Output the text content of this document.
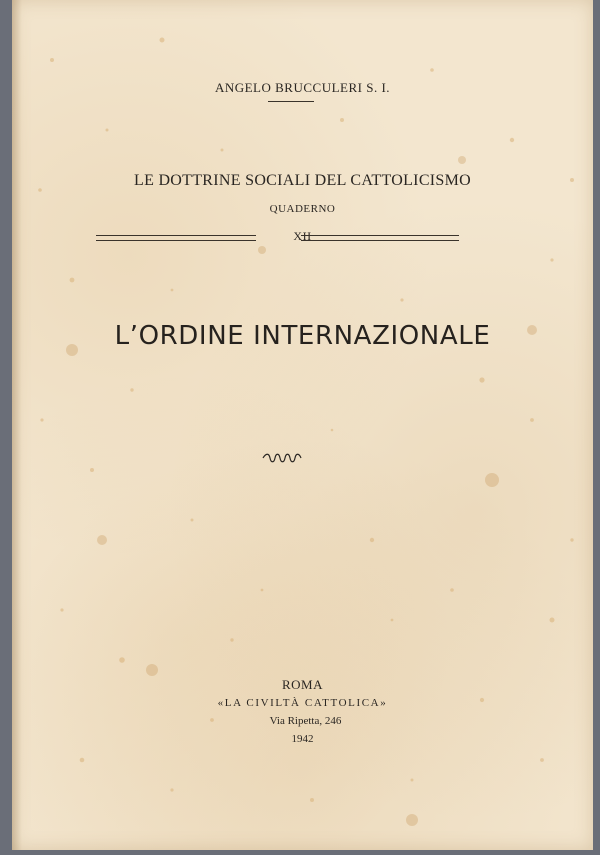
ANGELO BRUCCULERI S. I.
LE DOTTRINE SOCIALI DEL CATTOLICISMO
QUADERNO
XII
L’ORDINE INTERNAZIONALE
ROMA
«LA CIVILTÀ CATTOLICA»
Via Ripetta, 246
1942
